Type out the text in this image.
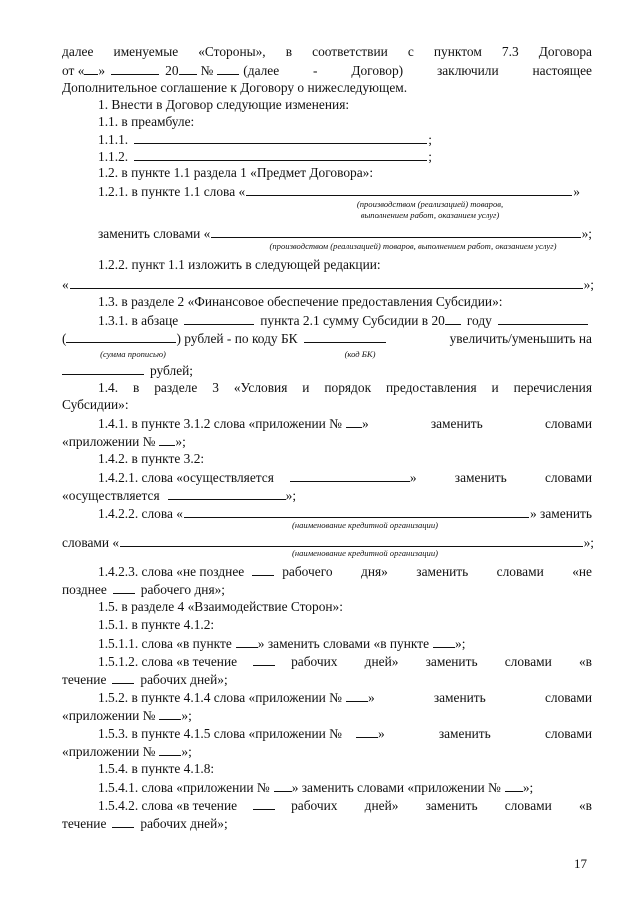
далее именуемые «Стороны», в соответствии с пунктом 7.3 Договора
от « »	20 № (далее - Договор) заключили настоящее
Дополнительное соглашение к Договору о нижеследующем.
1. Внести в Договор следующие изменения:
1.1. в преамбуле:
1.1.1.	;
1.1.2.	;
1.2. в пункте 1.1 раздела 1 «Предмет Договора»:
1.2.1. в пункте 1.1 слова «	»
(производством (реализацией) товаров,
выполнением работ, оказанием услуг)
заменить словами «	»;
(производством (реализацией) товаров, выполнением работ, оказанием услуг)
1.2.2. пункт 1.1 изложить в следующей редакции:
«	»;
1.3. в разделе 2 «Финансовое обеспечение предоставления Субсидии»:
1.3.1. в абзаце	пункта 2.1 сумму Субсидии в 20 году
(	) рублей - по коду БК	увеличить/уменьшить на
(сумма прописью)	(код БК)
рублей;
1.4. в разделе 3 «Условия и порядок предоставления и перечисления
Субсидии»:
1.4.1. в пункте 3.1.2 слова «приложении № » заменить словами
«приложении № »;
1.4.2. в пункте 3.2:
1.4.2.1. слова «осуществляется	» заменить словами
«осуществляется	»;
1.4.2.2. слова «	» заменить
(наименование кредитной организации)
словами «	»;
(наименование кредитной организации)
1.4.2.3. слова «не позднее	рабочего дня» заменить словами «не
позднее	рабочего дня»;
1.5. в разделе 4 «Взаимодействие Сторон»:
1.5.1. в пункте 4.1.2:
1.5.1.1. слова «в пункте » заменить словами «в пункте »;
1.5.1.2. слова «в течение	рабочих дней» заменить словами «в
течение	рабочих дней»;
1.5.2. в пункте 4.1.4 слова «приложении № » заменить словами
«приложении № »;
1.5.3. в пункте 4.1.5 слова «приложении №	» заменить словами
«приложении № »;
1.5.4. в пункте 4.1.8:
1.5.4.1. слова «приложении № » заменить словами «приложении № »;
1.5.4.2. слова «в течение	рабочих дней» заменить словами «в
течение	рабочих дней»;
17
